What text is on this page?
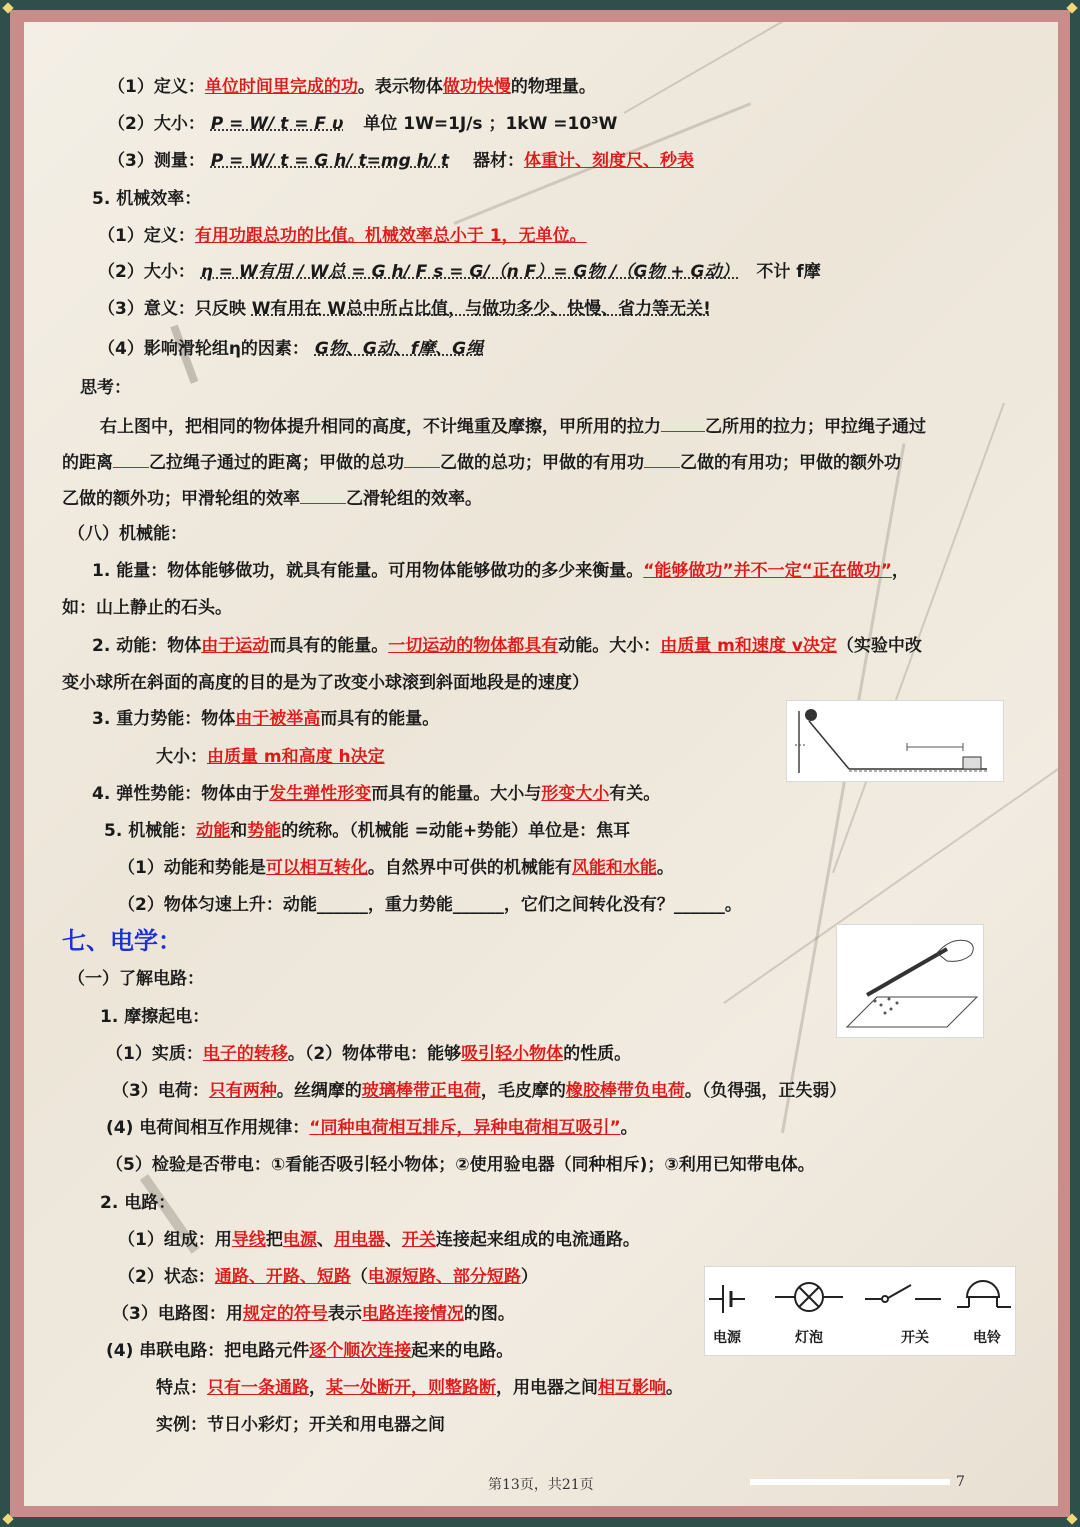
（1）定义：单位时间里完成的功。表示物体做功快慢的物理量。
（2）大小： P = W/ t = F υ 单位 1W=1J/s ；1kW =10³W
（3）测量： P = W/ t = G h/ t=mg h/ t 器材：体重计、刻度尺、秒表
5. 机械效率：
（1）定义：有用功跟总功的比值。机械效率总小于 1，无单位。
（2）大小： η = W有用 / W总 = G h/ F s = G/（n F）= G物 /（G物 + G动） 不计 f摩
（3）意义：只反映 W有用在 W总中所占比值，与做功多少、快慢、省力等无关!
（4）影响滑轮组η的因素： G物、G动、f摩、G绳
思考：
右上图中，把相同的物体提升相同的高度，不计绳重及摩擦，甲所用的拉力	乙所用的拉力；甲拉绳子通过
的距离 乙拉绳子通过的距离；甲做的总功 乙做的总功；甲做的有用功 乙做的有用功；甲做的额外功
乙做的额外功；甲滑轮组的效率	乙滑轮组的效率。
（八）机械能：
1. 能量：物体能够做功，就具有能量。可用物体能够做功的多少来衡量。“能够做功”并不一定“正在做功”，
如：山上静止的石头。
2. 动能：物体由于运动而具有的能量。一切运动的物体都具有动能。大小：由质量 m和速度 v决定（实验中改
变小球所在斜面的高度的目的是为了改变小球滚到斜面地段是的速度）
3. 重力势能：物体由于被举高而具有的能量。
大小：由质量 m和高度 h决定
4. 弹性势能：物体由于发生弹性形变而具有的能量。大小与形变大小有关。
5. 机械能：动能和势能的统称。（机械能 =动能+势能）单位是：焦耳
（1）动能和势能是可以相互转化。自然界中可供的机械能有风能和水能。
（2）物体匀速上升：动能______，重力势能______，它们之间转化没有？______。
七、电学：
（一）了解电路：
1. 摩擦起电：
（1）实质：电子的转移。（2）物体带电：能够吸引轻小物体的性质。
（3）电荷：只有两种。丝绸摩的玻璃棒带正电荷，毛皮摩的橡胶棒带负电荷。（负得强，正失弱）
(4) 电荷间相互作用规律：“同种电荷相互排斥，异种电荷相互吸引”。
（5）检验是否带电：①看能否吸引轻小物体；②使用验电器（同种相斥)；③利用已知带电体。
2. 电路：
（1）组成：用导线把电源、用电器、开关连接起来组成的电流通路。
（2）状态：通路、开路、短路（电源短路、部分短路）
（3）电路图：用规定的符号表示电路连接情况的图。
(4) 串联电路：把电路元件逐个顺次连接起来的电路。
特点：只有一条通路，某一处断开，则整路断，用电器之间相互影响。
实例：节日小彩灯；开关和用电器之间
电源	灯泡	开关	电铃
第13页，共21页	7
